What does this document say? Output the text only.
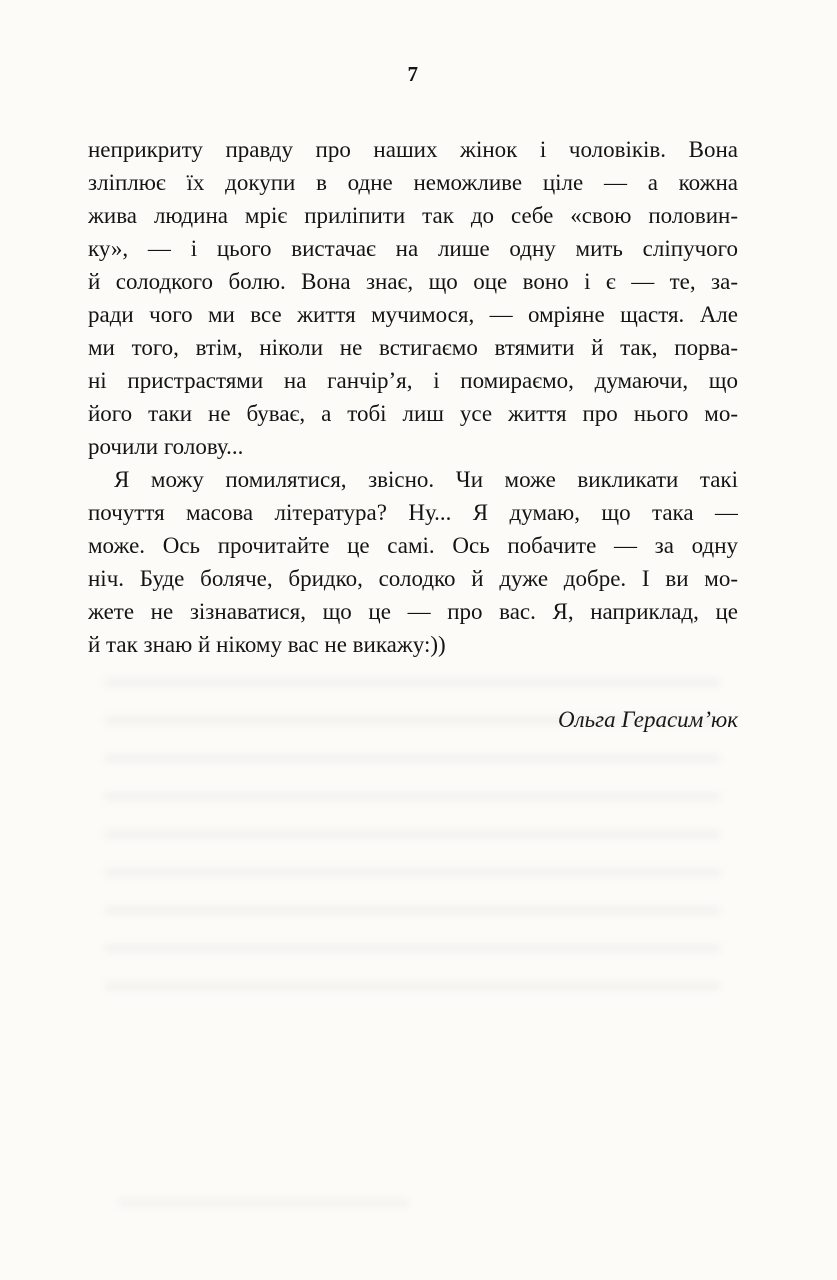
7

неприкриту правду про наших жінок і чоловіків. Вона
зліплює їх докупи в одне неможливе ціле — а кожна
жива людина мріє приліпити так до себе «свою половин-
ку», — і цього вистачає на лише одну мить сліпучого
й солодкого болю. Вона знає, що оце воно і є — те, за-
ради чого ми все життя мучимося, — омріяне щастя. Але
ми того, втім, ніколи не встигаємо втямити й так, порва-
ні пристрастями на ганчір’я, і помираємо, думаючи, що
його таки не буває, а тобі лиш усе життя про нього мо-
рочили голову...

Я можу помилятися, звісно. Чи може викликати такі
почуття масова література? Ну... Я думаю, що така —
може. Ось прочитайте це самі. Ось побачите — за одну
ніч. Буде боляче, бридко, солодко й дуже добре. І ви мо-
жете не зізнаватися, що це — про вас. Я, наприклад, це
й так знаю й нікому вас не викажу:))

Ольга Герасим’юк
